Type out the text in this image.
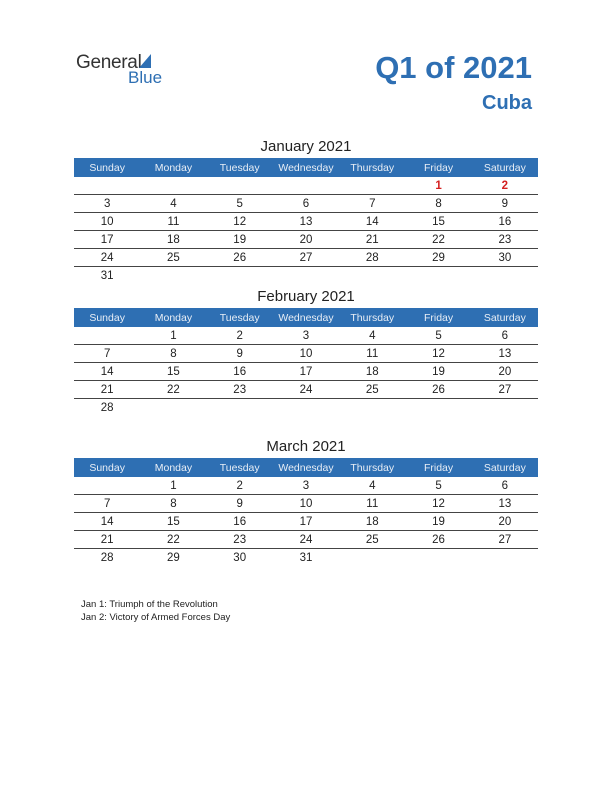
General
Blue	Q1 of 2021
Cuba
January 2021
Sunday	Monday	Tuesday	Wednesday	Thursday	Friday	Saturday
					1	2
3	4	5	6	7	8	9
10	11	12	13	14	15	16
17	18	19	20	21	22	23
24	25	26	27	28	29	30
31						
February 2021
Sunday	Monday	Tuesday	Wednesday	Thursday	Friday	Saturday
	1	2	3	4	5	6
7	8	9	10	11	12	13
14	15	16	17	18	19	20
21	22	23	24	25	26	27
28						
March 2021
Sunday	Monday	Tuesday	Wednesday	Thursday	Friday	Saturday
	1	2	3	4	5	6
7	8	9	10	11	12	13
14	15	16	17	18	19	20
21	22	23	24	25	26	27
28	29	30	31			
Jan 1: Triumph of the Revolution
Jan 2: Victory of Armed Forces Day
